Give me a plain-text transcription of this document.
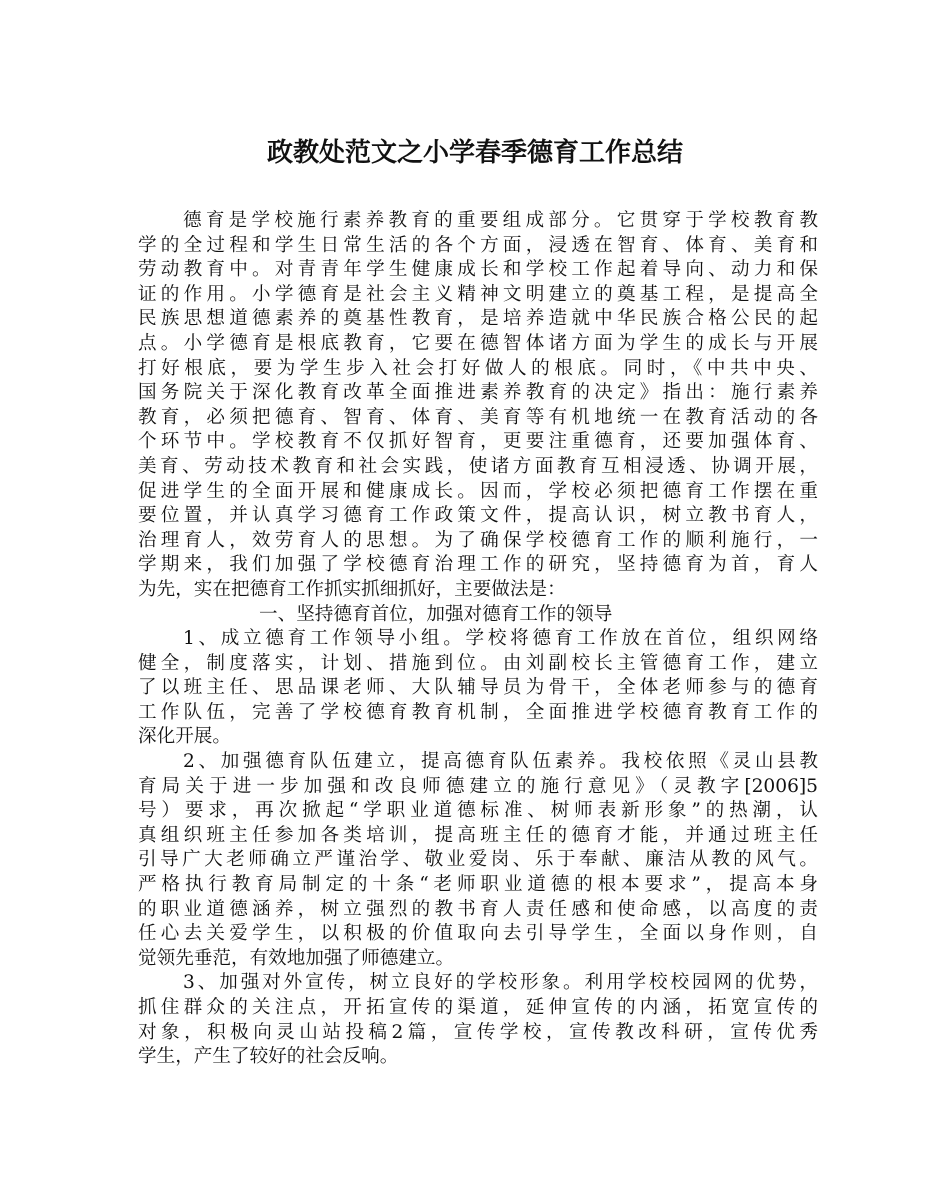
政教处范文之小学春季德育工作总结
德育是学校施行素养教育的重要组成部分。它贯穿于学校教育教
学的全过程和学生日常生活的各个方面，浸透在智育、体育、美育和
劳动教育中。对青青年学生健康成长和学校工作起着导向、动力和保
证的作用。小学德育是社会主义精神文明建立的奠基工程，是提高全
民族思想道德素养的奠基性教育，是培养造就中华民族合格公民的起
点。小学德育是根底教育，它要在德智体诸方面为学生的成长与开展
打好根底，要为学生步入社会打好做人的根底。同时，《中共中央、
国务院关于深化教育改革全面推进素养教育的决定》指出：施行素养
教育，必须把德育、智育、体育、美育等有机地统一在教育活动的各
个环节中。学校教育不仅抓好智育，更要注重德育，还要加强体育、
美育、劳动技术教育和社会实践，使诸方面教育互相浸透、协调开展，
促进学生的全面开展和健康成长。因而，学校必须把德育工作摆在重
要位置，并认真学习德育工作政策文件，提高认识，树立教书育人，
治理育人，效劳育人的思想。为了确保学校德育工作的顺利施行，一
学期来，我们加强了学校德育治理工作的研究，坚持德育为首，育人
为先，实在把德育工作抓实抓细抓好，主要做法是：
一、坚持德育首位，加强对德育工作的领导
1、成立德育工作领导小组。学校将德育工作放在首位，组织网络
健全，制度落实，计划、措施到位。由刘副校长主管德育工作，建立
了以班主任、思品课老师、大队辅导员为骨干，全体老师参与的德育
工作队伍，完善了学校德育教育机制，全面推进学校德育教育工作的
深化开展。
2、加强德育队伍建立，提高德育队伍素养。我校依照《灵山县教
育局关于进一步加强和改良师德建立的施行意见》（灵教字[2006]5
号）要求，再次掀起“学职业道德标准、树师表新形象”的热潮，认
真组织班主任参加各类培训，提高班主任的德育才能，并通过班主任
引导广大老师确立严谨治学、敬业爱岗、乐于奉献、廉洁从教的风气。
严格执行教育局制定的十条“老师职业道德的根本要求”，提高本身
的职业道德涵养，树立强烈的教书育人责任感和使命感，以高度的责
任心去关爱学生，以积极的价值取向去引导学生，全面以身作则，自
觉领先垂范，有效地加强了师德建立。
3、加强对外宣传，树立良好的学校形象。利用学校校园网的优势，
抓住群众的关注点，开拓宣传的渠道，延伸宣传的内涵，拓宽宣传的
对象，积极向灵山站投稿2篇，宣传学校，宣传教改科研，宣传优秀
学生，产生了较好的社会反响。
